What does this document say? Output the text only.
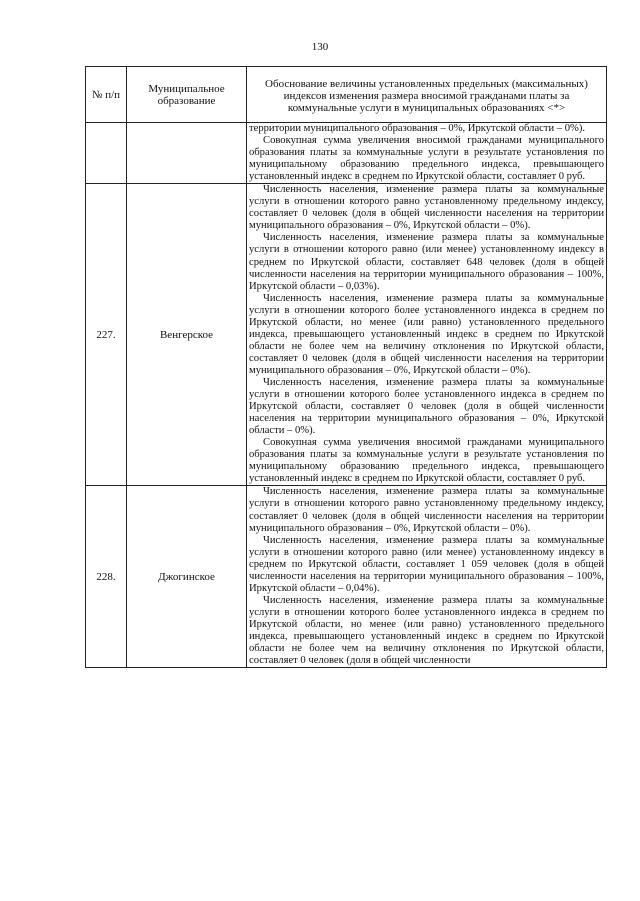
130
№ п/п	Муниципальное образование	Обоснование величины установленных предельных (максимальных) индексов изменения размера вносимой гражданами платы за коммунальные услуги в муниципальных образованиях <*>

		территории муниципального образования – 0%, Иркутской области – 0%).

Совокупная сумма увеличения вносимой гражданами муниципального образования платы за коммунальные услуги в результате установления по муниципальному образованию предельного индекса, превышающего установленный индекс в среднем по Иркутской области, составляет 0 руб.

227.	Венгерское	Численность населения, изменение размера платы за коммунальные услуги в отношении которого равно установленному предельному индексу, составляет 0 человек (доля в общей численности населения на территории муниципального образования – 0%, Иркутской области – 0%).

Численность населения, изменение размера платы за коммунальные услуги в отношении которого равно (или менее) установленному индексу в среднем по Иркутской области, составляет 648 человек (доля в общей численности населения на территории муниципального образования – 100%, Иркутской области – 0,03%).

Численность населения, изменение размера платы за коммунальные услуги в отношении которого более установленного индекса в среднем по Иркутской области, но менее (или равно) установленного предельного индекса, превышающего установленный индекс в среднем по Иркутской области не более чем на величину отклонения по Иркутской области, составляет 0 человек (доля в общей численности населения на территории муниципального образования – 0%, Иркутской области – 0%).

Численность населения, изменение размера платы за коммунальные услуги в отношении которого более установленного индекса в среднем по Иркутской области, составляет 0 человек (доля в общей численности населения на территории муниципального образования – 0%, Иркутской области – 0%).

Совокупная сумма увеличения вносимой гражданами муниципального образования платы за коммунальные услуги в результате установления по муниципальному образованию предельного индекса, превышающего установленный индекс в среднем по Иркутской области, составляет 0 руб.

228.	Джогинское	Численность населения, изменение размера платы за коммунальные услуги в отношении которого равно установленному предельному индексу, составляет 0 человек (доля в общей численности населения на территории муниципального образования – 0%, Иркутской области – 0%).

Численность населения, изменение размера платы за коммунальные услуги в отношении которого равно (или менее) установленному индексу в среднем по Иркутской области, составляет 1 059 человек (доля в общей численности населения на территории муниципального образования – 100%, Иркутской области – 0,04%).

Численность населения, изменение размера платы за коммунальные услуги в отношении которого более установленного индекса в среднем по Иркутской области, но менее (или равно) установленного предельного индекса, превышающего установленный индекс в среднем по Иркутской области не более чем на величину отклонения по Иркутской области, составляет 0 человек (доля в общей численности
